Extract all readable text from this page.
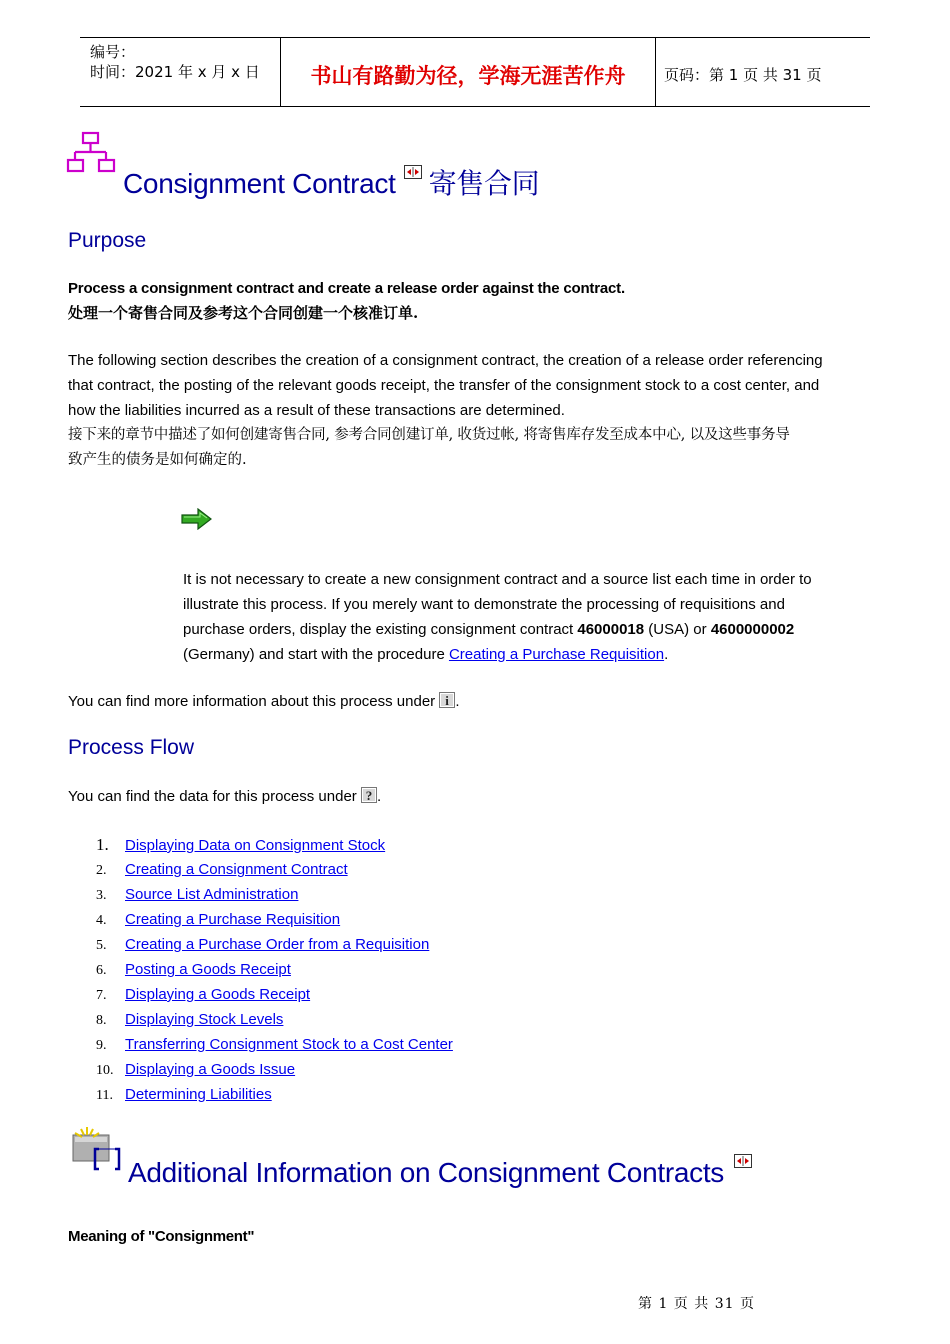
编号：
时间：2021 年 x 月 x 日	书山有路勤为径，学海无涯苦作舟	页码：第 1 页 共 31 页
Consignment Contract 寄售合同
Purpose
Process a consignment contract and create a release order against the contract.
处理一个寄售合同及参考这个合同创建一个核准订单.
The following section describes the creation of a consignment contract, the creation of a release order referencing
that contract, the posting of the relevant goods receipt, the transfer of the consignment stock to a cost center, and
how the liabilities incurred as a result of these transactions are determined.
接下来的章节中描述了如何创建寄售合同, 参考合同创建订单, 收货过帐, 将寄售库存发至成本中心, 以及这些事务导
致产生的债务是如何确定的.
It is not necessary to create a new consignment contract and a source list each time in order to
illustrate this process. If you merely want to demonstrate the processing of requisitions and
purchase orders, display the existing consignment contract 46000018 (USA) or 4600000002
(Germany) and start with the procedure Creating a Purchase Requisition.
You can find more information about this process under i .
Process Flow
You can find the data for this process under ? .
1. Displaying Data on Consignment Stock
2. Creating a Consignment Contract
3. Source List Administration
4. Creating a Purchase Requisition
5. Creating a Purchase Order from a Requisition
6. Posting a Goods Receipt
7. Displaying a Goods Receipt
8. Displaying Stock Levels
9. Transferring Consignment Stock to a Cost Center
10. Displaying a Goods Issue
11. Determining Liabilities
Additional Information on Consignment Contracts
Meaning of "Consignment"
第 1 页 共 31 页
